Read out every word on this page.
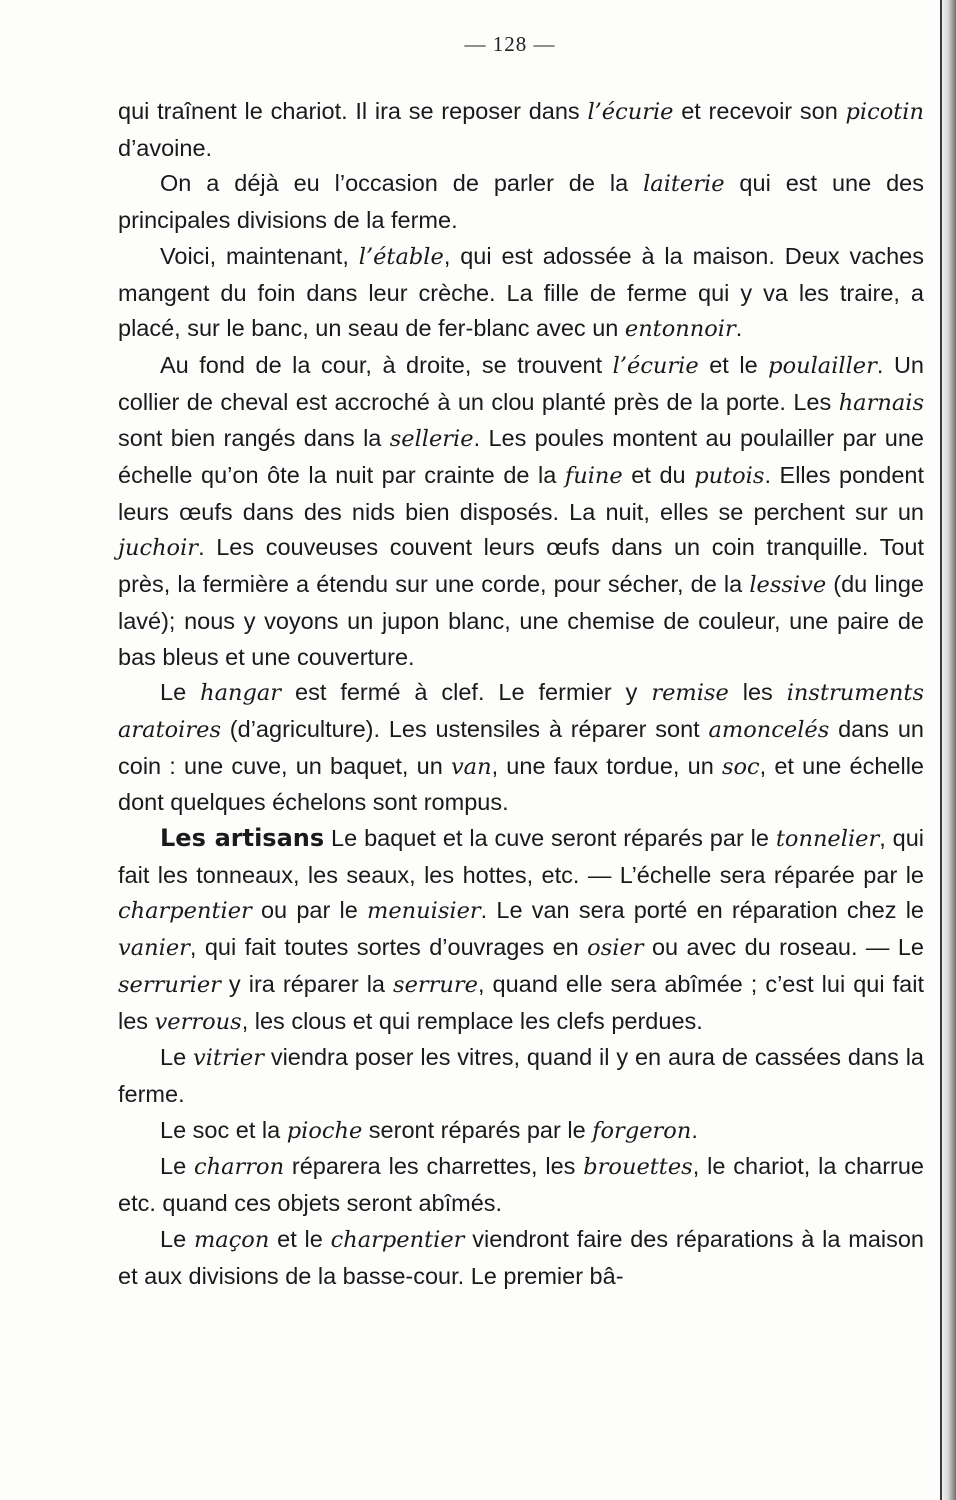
— 128 —

qui traînent le chariot. Il ira se reposer dans l’écurie et recevoir son picotin d’avoine.

On a déjà eu l’occasion de parler de la laiterie qui est une des principales divisions de la ferme.

Voici, maintenant, l’étable, qui est adossée à la maison. Deux vaches mangent du foin dans leur crèche. La fille de ferme qui y va les traire, a placé, sur le banc, un seau de fer-blanc avec un entonnoir.

Au fond de la cour, à droite, se trouvent l’écurie et le poulailler. Un collier de cheval est accroché à un clou planté près de la porte. Les harnais sont bien rangés dans la sellerie. Les poules montent au poulailler par une échelle qu’on ôte la nuit par crainte de la fuine et du putois. Elles pondent leurs œufs dans des nids bien disposés. La nuit, elles se perchent sur un juchoir. Les couveuses couvent leurs œufs dans un coin tranquille. Tout près, la fermière a étendu sur une corde, pour sécher, de la lessive (du linge lavé); nous y voyons un jupon blanc, une chemise de couleur, une paire de bas bleus et une couverture.

Le hangar est fermé à clef. Le fermier y remise les instruments aratoires (d’agriculture). Les ustensiles à réparer sont amoncelés dans un coin : une cuve, un baquet, un van, une faux tordue, un soc, et une échelle dont quelques échelons sont rompus.

Les artisans Le baquet et la cuve seront réparés par le tonnelier, qui fait les tonneaux, les seaux, les hottes, etc. — L’échelle sera réparée par le charpentier ou par le menuisier. Le van sera porté en réparation chez le vanier, qui fait toutes sortes d’ouvrages en osier ou avec du roseau. — Le serrurier y ira réparer la serrure, quand elle sera abîmée ; c’est lui qui fait les verrous, les clous et qui remplace les clefs perdues.

Le vitrier viendra poser les vitres, quand il y en aura de cassées dans la ferme.

Le soc et la pioche seront réparés par le forgeron.

Le charron réparera les charrettes, les brouettes, le chariot, la charrue etc. quand ces objets seront abîmés.

Le maçon et le charpentier viendront faire des réparations à la maison et aux divisions de la basse-cour. Le premier bâ-
